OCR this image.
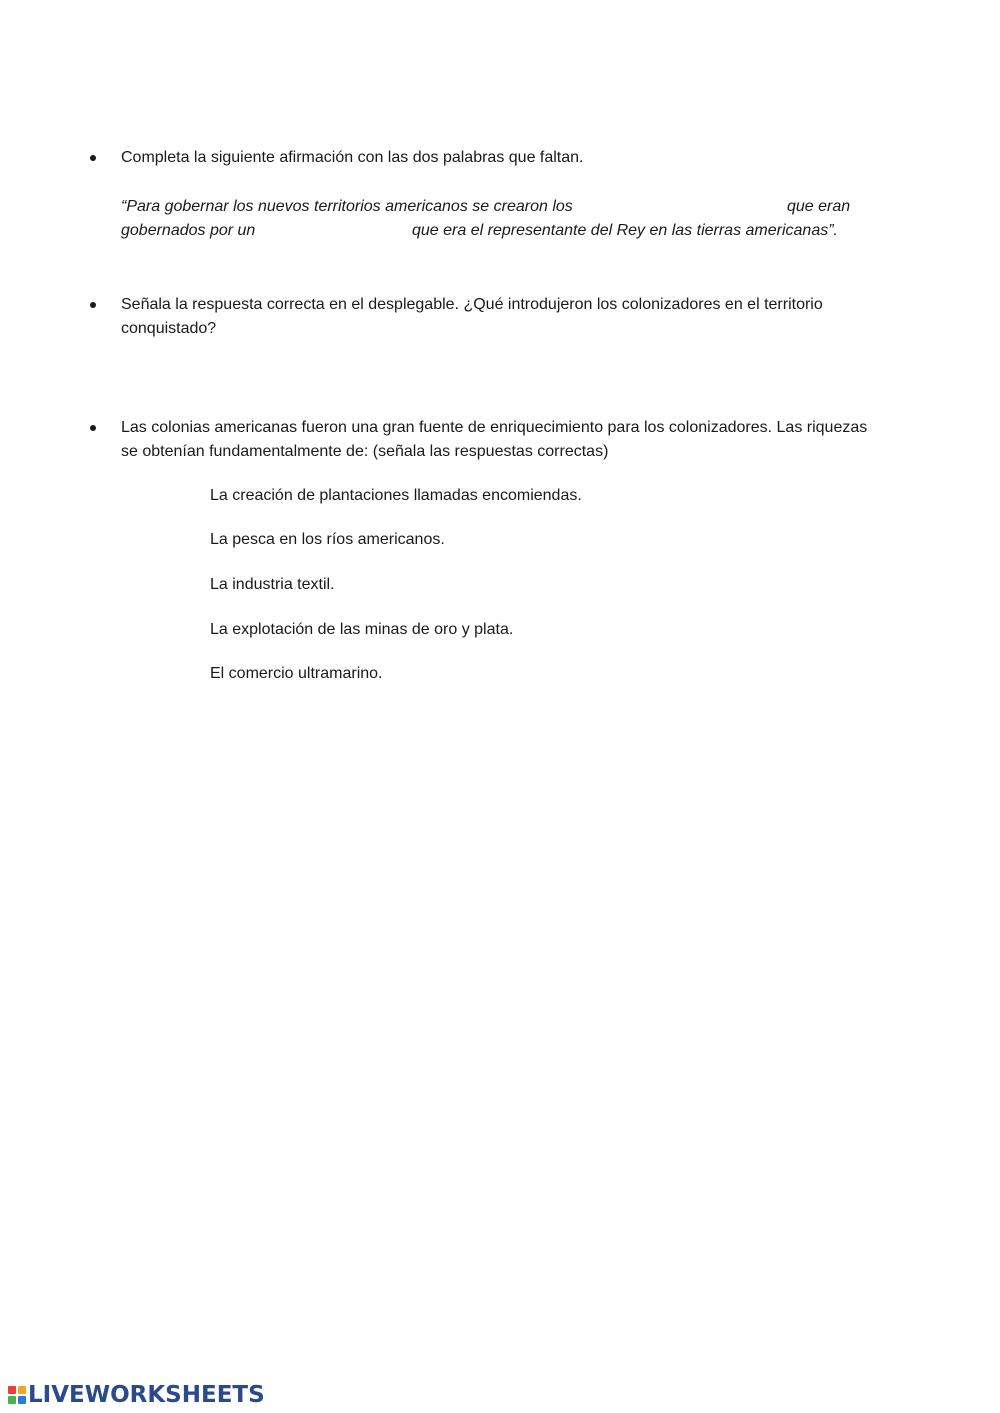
Completa la siguiente afirmación con las dos palabras que faltan.
“Para gobernar los nuevos territorios americanos se crearon los	que eran
gobernados por un	que era el representante del Rey en las tierras americanas”.
Señala la respuesta correcta en el desplegable. ¿Qué introdujeron los colonizadores en el territorio
conquistado?
Las colonias americanas fueron una gran fuente de enriquecimiento para los colonizadores. Las riquezas
se obtenían fundamentalmente de: (señala las respuestas correctas)
La creación de plantaciones llamadas encomiendas.
La pesca en los ríos americanos.
La industria textil.
La explotación de las minas de oro y plata.
El comercio ultramarino.
LIVEWORKSHEETS
